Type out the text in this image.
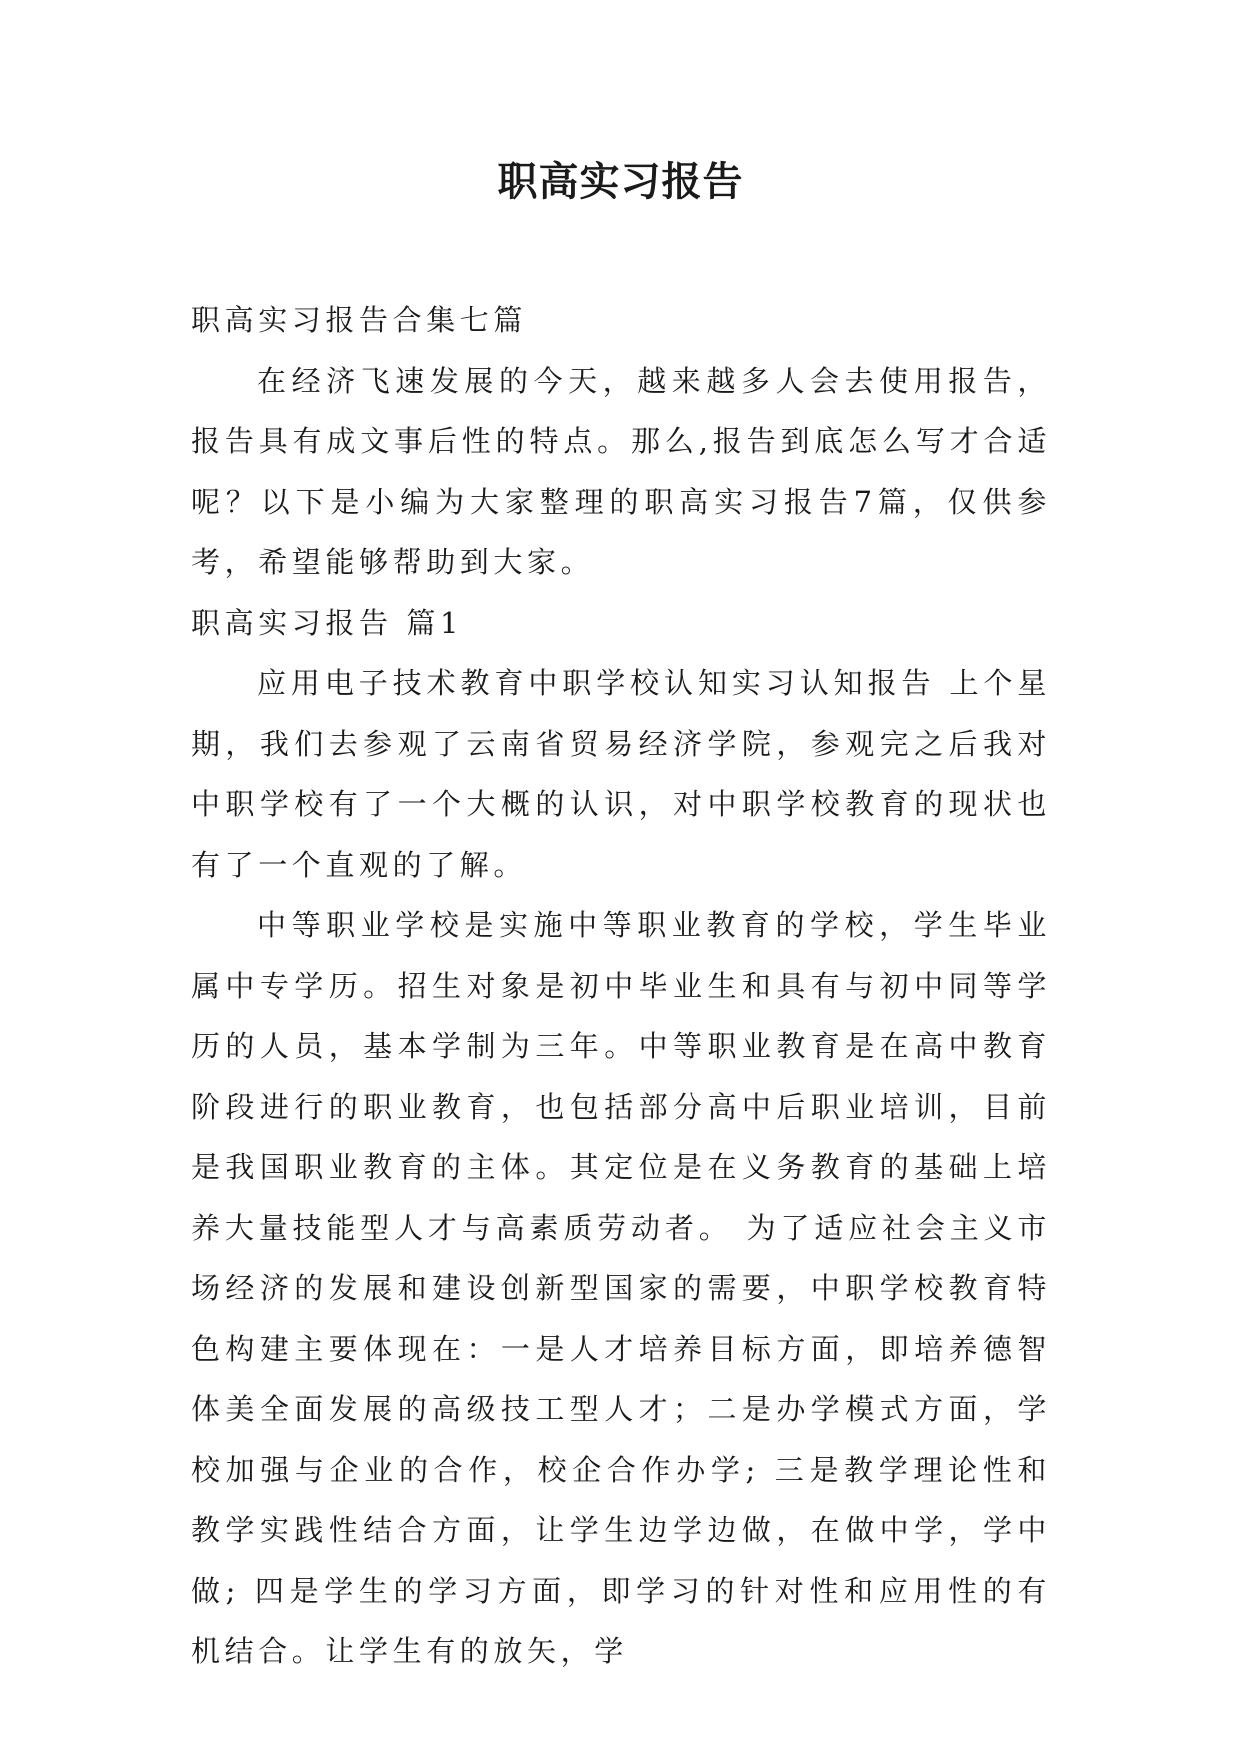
职高实习报告

职高实习报告合集七篇

在经济飞速发展的今天，越来越多人会去使用报告，报告具有成文事后性的特点。那么,报告到底怎么写才合适呢？以下是小编为大家整理的职高实习报告7篇，仅供参考，希望能够帮助到大家。

职高实习报告 篇1

应用电子技术教育中职学校认知实习认知报告 上个星期，我们去参观了云南省贸易经济学院，参观完之后我对中职学校有了一个大概的认识，对中职学校教育的现状也有了一个直观的了解。

中等职业学校是实施中等职业教育的学校，学生毕业属中专学历。招生对象是初中毕业生和具有与初中同等学历的人员，基本学制为三年。中等职业教育是在高中教育阶段进行的职业教育，也包括部分高中后职业培训，目前是我国职业教育的主体。其定位是在义务教育的基础上培养大量技能型人才与高素质劳动者。 为了适应社会主义市场经济的发展和建设创新型国家的需要，中职学校教育特色构建主要体现在：一是人才培养目标方面，即培养德智体美全面发展的高级技工型人才；二是办学模式方面，学校加强与企业的合作，校企合作办学; 三是教学理论性和教学实践性结合方面，让学生边学边做，在做中学，学中做; 四是学生的学习方面，即学习的针对性和应用性的有机结合。让学生有的放矢，学
